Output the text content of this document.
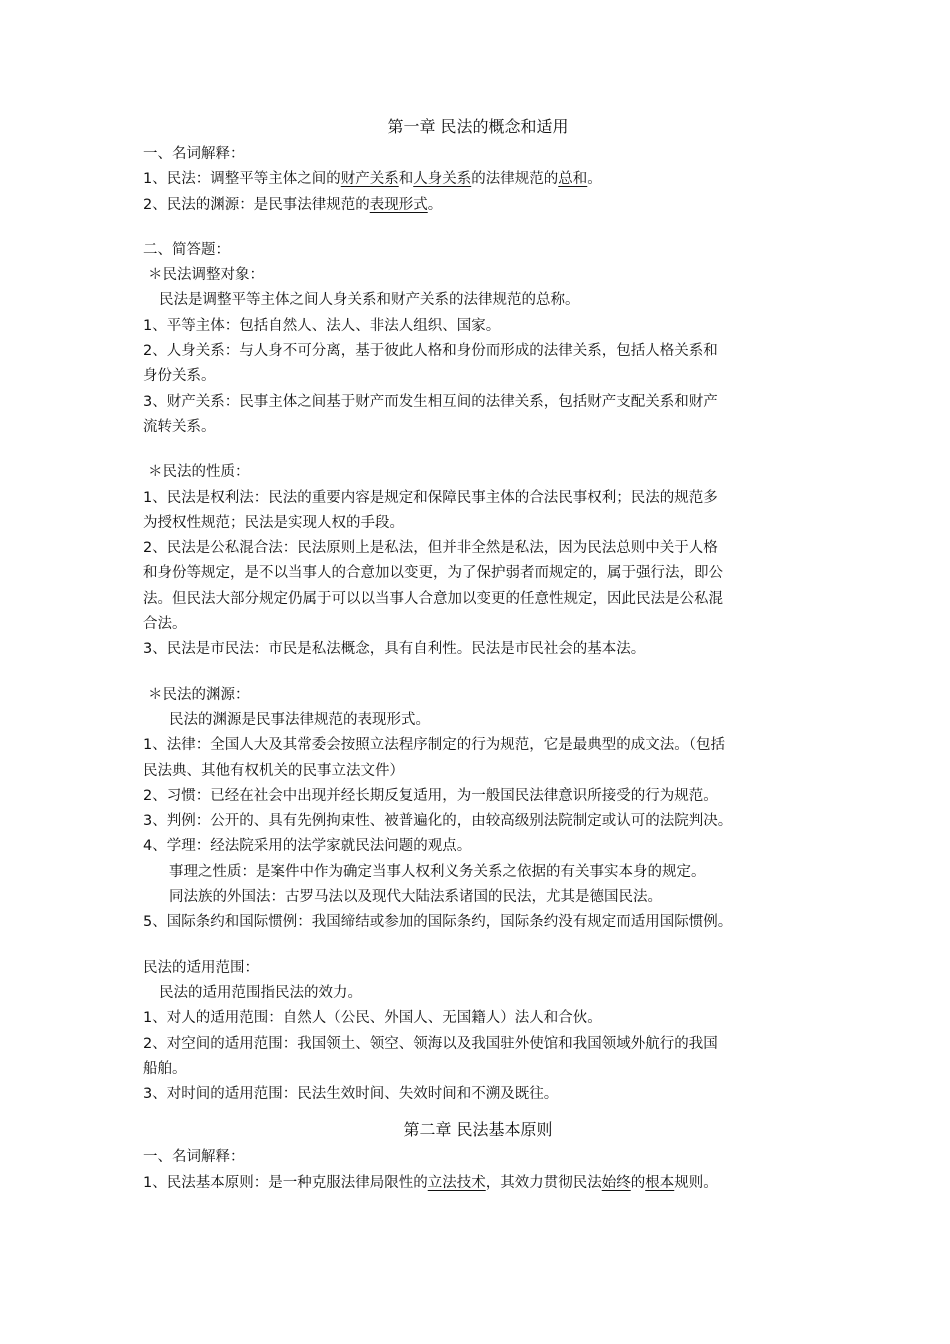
第一章 民法的概念和适用

一、名词解释：

1、民法：调整平等主体之间的财产关系和人身关系的法律规范的总和。

2、民法的渊源：是民事法律规范的表现形式。

二、简答题：

＊民法调整对象：

民法是调整平等主体之间人身关系和财产关系的法律规范的总称。

1、平等主体：包括自然人、法人、非法人组织、国家。

2、人身关系：与人身不可分离，基于彼此人格和身份而形成的法律关系，包括人格关系和

身份关系。

3、财产关系：民事主体之间基于财产而发生相互间的法律关系，包括财产支配关系和财产

流转关系。

＊民法的性质：

1、民法是权利法：民法的重要内容是规定和保障民事主体的合法民事权利；民法的规范多

为授权性规范；民法是实现人权的手段。

2、民法是公私混合法：民法原则上是私法，但并非全然是私法，因为民法总则中关于人格

和身份等规定，是不以当事人的合意加以变更，为了保护弱者而规定的，属于强行法，即公

法。但民法大部分规定仍属于可以以当事人合意加以变更的任意性规定，因此民法是公私混

合法。

3、民法是市民法：市民是私法概念，具有自利性。民法是市民社会的基本法。

＊民法的渊源：

民法的渊源是民事法律规范的表现形式。

1、法律：全国人大及其常委会按照立法程序制定的行为规范，它是最典型的成文法。（包括

民法典、其他有权机关的民事立法文件）

2、习惯：已经在社会中出现并经长期反复适用，为一般国民法律意识所接受的行为规范。

3、判例：公开的、具有先例拘束性、被普遍化的，由较高级别法院制定或认可的法院判决。

4、学理：经法院采用的法学家就民法问题的观点。

事理之性质：是案件中作为确定当事人权利义务关系之依据的有关事实本身的规定。

同法族的外国法：古罗马法以及现代大陆法系诸国的民法，尤其是德国民法。

5、国际条约和国际惯例：我国缔结或参加的国际条约，国际条约没有规定而适用国际惯例。

民法的适用范围：

民法的适用范围指民法的效力。

1、对人的适用范围：自然人（公民、外国人、无国籍人）法人和合伙。

2、对空间的适用范围：我国领土、领空、领海以及我国驻外使馆和我国领域外航行的我国

船舶。

3、对时间的适用范围：民法生效时间、失效时间和不溯及既往。

第二章 民法基本原则

一、名词解释：

1、民法基本原则：是一种克服法律局限性的立法技术，其效力贯彻民法始终的根本规则。
